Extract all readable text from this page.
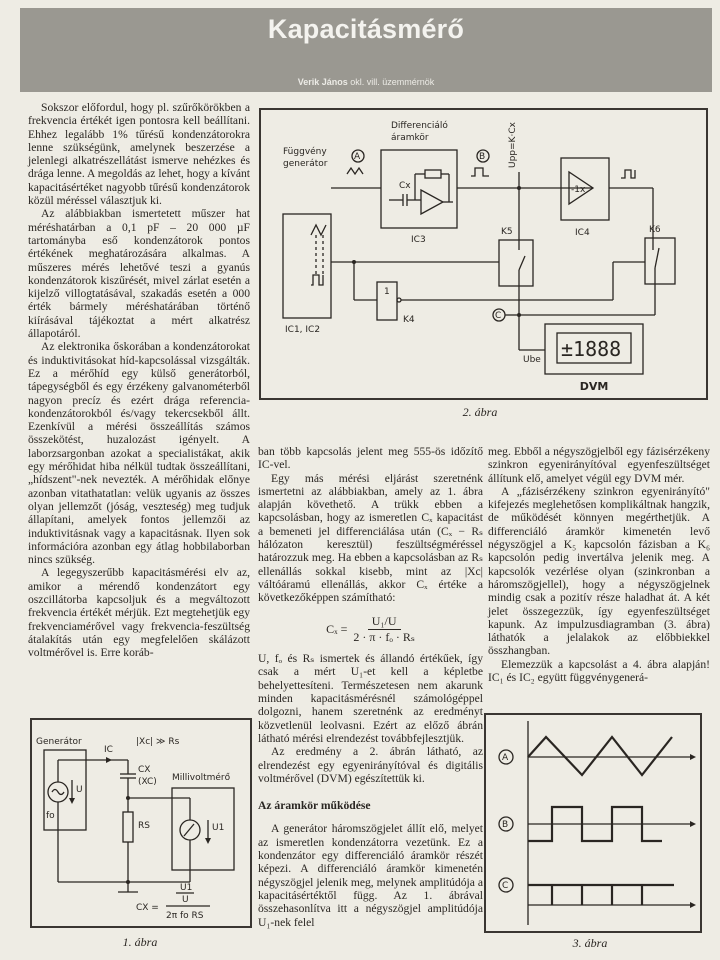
Kapacitásmérő
Verik János okl. vill. üzemmérnök

Sokszor előfordul, hogy pl. szűrőkörökben a frekvencia értékét igen pontosra kell beállítani. Ehhez legalább 1% tűrésű kondenzátorokra lenne szükségünk, amelynek beszerzése a jelenlegi alkatrészellátást ismerve nehézkes és drága lenne. A megoldás az lehet, hogy a kívánt kapacitásértéket nagyobb tűrésű kondenzátorok közül méréssel választjuk ki.

Az alábbiakban ismertetett műszer hat méréshatárban a 0,1 pF – 20 000 µF tartományba eső kondenzátorok pontos értékének meghatározására alkalmas. A műszeres mérés lehetővé teszi a gyanús kondenzátorok kiszűrését, mivel zárlat esetén a kijelző villogtatásával, szakadás esetén a 000 érték bármely méréshatárában történő kiírásával tájékoztat a mért alkatrész állapotáról.

Az elektronika őskorában a kondenzátorokat és induktivitásokat híd-kapcsolással vizsgálták. Ez a mérőhíd egy külső generátorból, tápegységből és egy érzékeny galvanométerből nagyon precíz és ezért drága referencia-kondenzátorokból és/vagy tekercsekből állt. Ezenkívül a mérési összeállítás számos összekötést, huzalozást igényelt. A laborzsargonban azokat a specialistákat, akik egy mérőhidat hiba nélkül tudtak összeállítani, „hídszent"-nek nevezték. A mérőhidak előnye azonban vitathatatlan: velük ugyanis az összes olyan jellemzőt (jóság, veszteség) meg tudjuk állapítani, amelyek fontos jellemzői az induktivitásnak vagy a kapacitásnak. Ilyen sok információra azonban egy átlag hobbilaborban nincs szükség.

A legegyszerűbb kapacitásmérési elv az, amikor a mérendő kondenzátort egy oszcillátorba kapcsoljuk és a megváltozott frekvencia értékét mérjük. Ezt megtehetjük egy frekvenciamérővel vagy frekvencia-feszültség átalakítás után egy megfelelően skálázott voltmérővel is. Erre koráb-

Függvény
generátor
IC1, IC2
Differenciáló
áramkör
IC3
Cx
A	B	Upp=K·Cx
-1x
IC4
K5	K6
1
K4	C
Ube ±1888
DVM
2. ábra

ban több kapcsolás jelent meg 555-ös időzítő IC-vel.

Egy más mérési eljárást szeretnénk ismertetni az alábbiakban, amely az 1. ábra alapján követhető. A trükk ebben a kapcsolásban, hogy az ismeretlen Cₓ kapacitást a bemeneti jel differenciálása után (Cₓ − Rₛ hálózaton keresztül) feszültségméréssel határozzuk meg. Ha ebben a kapcsolásban az Rₛ ellenállás sokkal kisebb, mint az |Xc| váltóáramú ellenállás, akkor Cₓ értéke a következőképpen számítható:

$C_x = \frac{\text{U₁/U}}{\text{2 · π · fₒ · Rₛ}}$

U, fₒ és Rₛ ismertek és állandó értékűek, így csak a mért U₁-et kell a képletbe behelyettesíteni. Természetesen nem akarunk minden kapacitásmérésnél számológéppel dolgozni, hanem szeretnénk az eredményt közvetlenül leolvasni. Ezért az előző ábrán látható mérési elrendezést továbbfejlesztjük.

Az eredmény a 2. ábrán látható, az elrendezést egy egyenirányítóval és digitális voltmérővel (DVM) egészítettük ki.

Az áramkör működése

A generátor háromszögjelet állít elő, melyet az ismeretlen kondenzátorra vezetünk. Ez a kondenzátor egy differenciáló áramkör részét képezi. A differenciáló áramkör kimenetén négyszögjel jelenik meg, melynek amplitúdója a kapacitásértéktől függ. Az 1. ábrával összehasonlítva itt a négyszögjel amplitúdója U₁-nek felel

meg. Ebből a négyszögjelből egy fázisérzékeny szinkron egyenirányítóval egyenfeszültséget állítunk elő, amelyet végül egy DVM mér.

A „fázisérzékeny szinkron egyenirányító" kifejezés meglehetősen komplikáltnak hangzik, de működését könnyen megérthetjük. A differenciáló áramkör kimenetén levő négyszögjel a K₅ kapcsolón fázisban a K₆ kapcsolón pedig invertálva jelenik meg. A kapcsolók vezérlése olyan (szinkronban a háromszögjellel), hogy a négyszögjelnek mindig csak a pozitív része haladhat át. A két jelet összegezzük, így egyenfeszültséget kapunk. Az impulzusdiagramban (3. ábra) láthatók a jelalakok az előbbiekkel összhangban.

Elemezzük a kapcsolást a 4. ábra alapján! IC₁ és IC₂ együtt függvénygenerá-

Generátor	|Xc| ≫ Rs
fo
IC
U
CX
(XC)
RS
Millivoltmérő
U1
CX =
U1
U
2π fo RS
1. ábra
A
B
C
3. ábra
